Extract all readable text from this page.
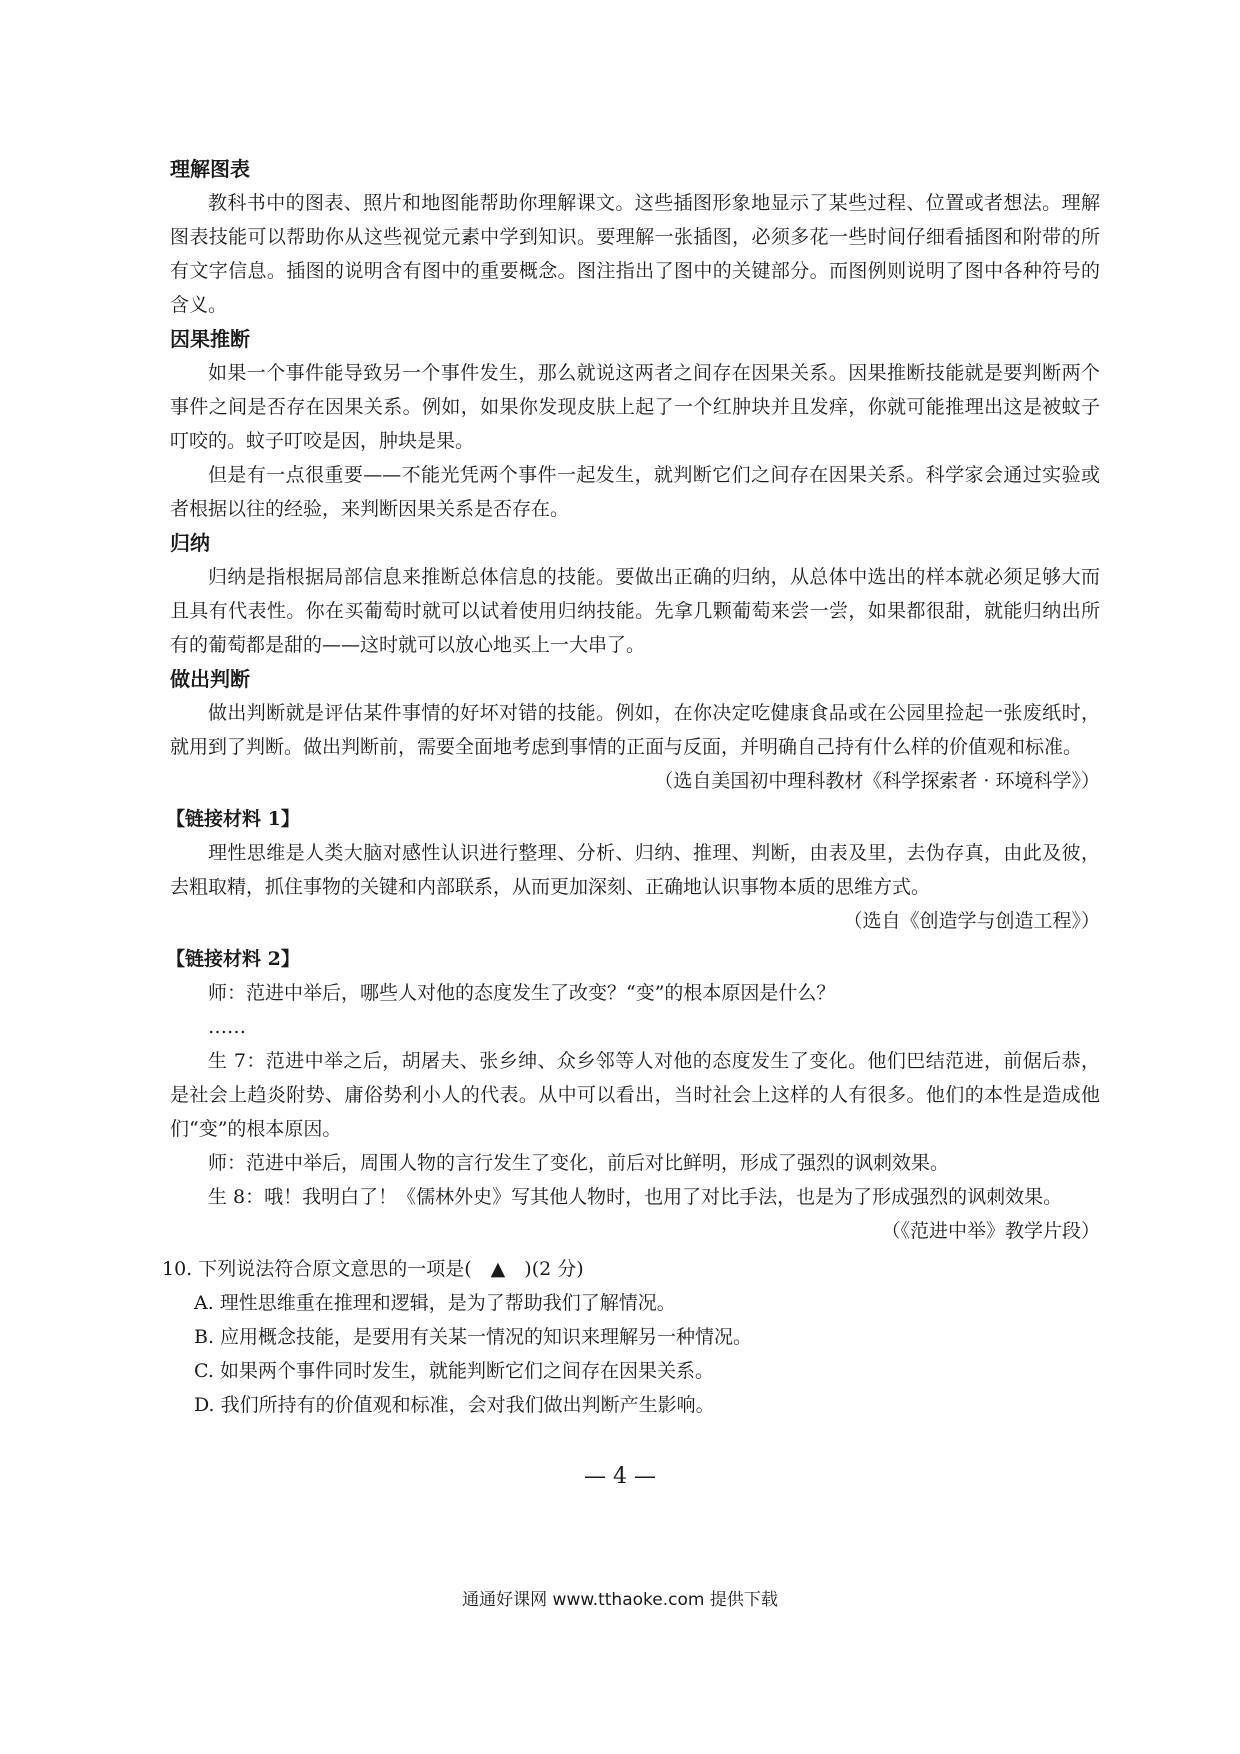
理解图表

教科书中的图表、照片和地图能帮助你理解课文。这些插图形象地显示了某些过程、位置或者想法。理解图表技能可以帮助你从这些视觉元素中学到知识。要理解一张插图，必须多花一些时间仔细看插图和附带的所有文字信息。插图的说明含有图中的重要概念。图注指出了图中的关键部分。而图例则说明了图中各种符号的含义。

因果推断

如果一个事件能导致另一个事件发生，那么就说这两者之间存在因果关系。因果推断技能就是要判断两个事件之间是否存在因果关系。例如，如果你发现皮肤上起了一个红肿块并且发痒，你就可能推理出这是被蚊子叮咬的。蚊子叮咬是因，肿块是果。

但是有一点很重要——不能光凭两个事件一起发生，就判断它们之间存在因果关系。科学家会通过实验或者根据以往的经验，来判断因果关系是否存在。

归纳

归纳是指根据局部信息来推断总体信息的技能。要做出正确的归纳，从总体中选出的样本就必须足够大而且具有代表性。你在买葡萄时就可以试着使用归纳技能。先拿几颗葡萄来尝一尝，如果都很甜，就能归纳出所有的葡萄都是甜的——这时就可以放心地买上一大串了。

做出判断

做出判断就是评估某件事情的好坏对错的技能。例如，在你决定吃健康食品或在公园里捡起一张废纸时，就用到了判断。做出判断前，需要全面地考虑到事情的正面与反面，并明确自己持有什么样的价值观和标准。

（选自美国初中理科教材《科学探索者 · 环境科学》）

【链接材料 1】

理性思维是人类大脑对感性认识进行整理、分析、归纳、推理、判断，由表及里，去伪存真，由此及彼，去粗取精，抓住事物的关键和内部联系，从而更加深刻、正确地认识事物本质的思维方式。

（选自《创造学与创造工程》）

【链接材料 2】

师：范进中举后，哪些人对他的态度发生了改变？“变”的根本原因是什么？

……

生 7：范进中举之后，胡屠夫、张乡绅、众乡邻等人对他的态度发生了变化。他们巴结范进，前倨后恭，是社会上趋炎附势、庸俗势利小人的代表。从中可以看出，当时社会上这样的人有很多。他们的本性是造成他们“变”的根本原因。

师：范进中举后，周围人物的言行发生了变化，前后对比鲜明，形成了强烈的讽刺效果。

生 8：哦！我明白了！《儒林外史》写其他人物时，也用了对比手法，也是为了形成强烈的讽刺效果。

（《范进中举》教学片段）

10. 下列说法符合原文意思的一项是(　▲　)(2 分)

A. 理性思维重在推理和逻辑，是为了帮助我们了解情况。

B. 应用概念技能，是要用有关某一情况的知识来理解另一种情况。

C. 如果两个事件同时发生，就能判断它们之间存在因果关系。

D. 我们所持有的价值观和标准，会对我们做出判断产生影响。

— 4 —
通通好课网 www.tthaoke.com 提供下载
